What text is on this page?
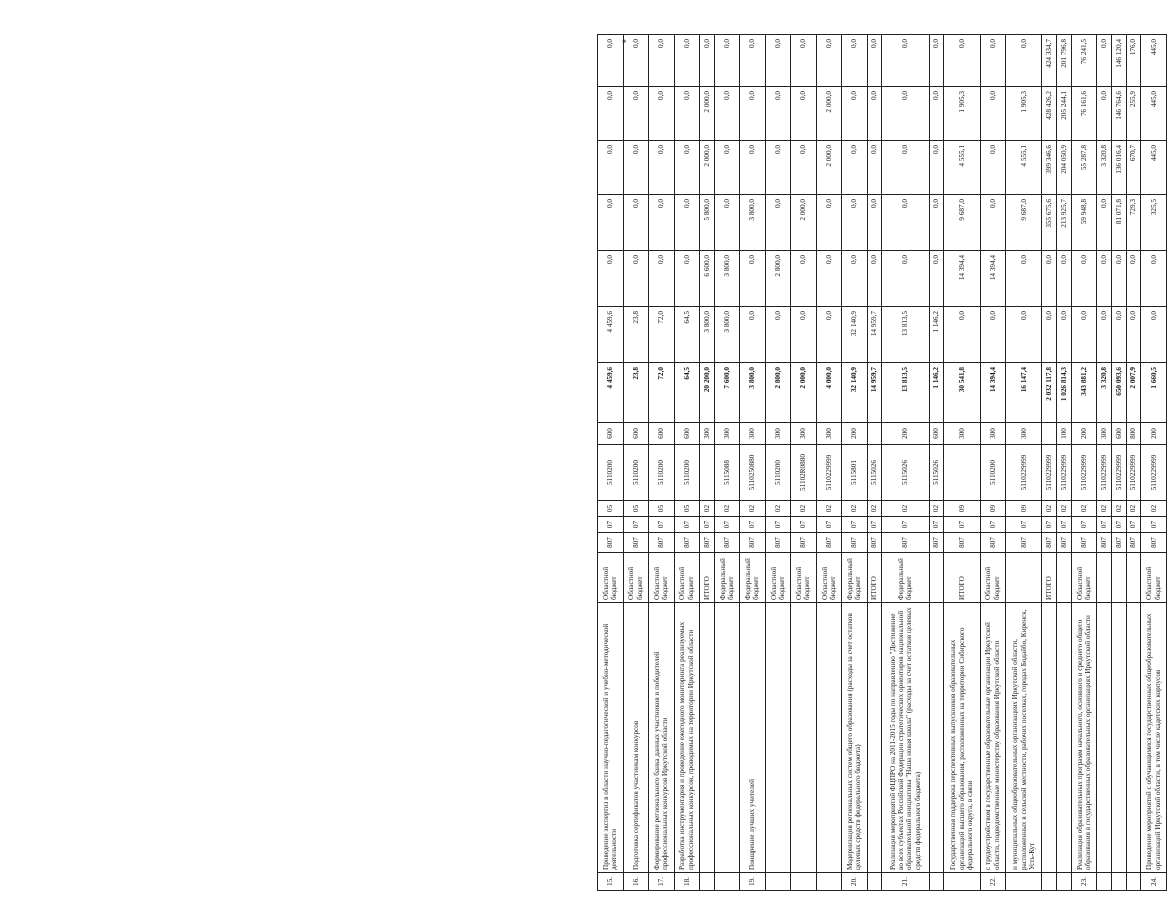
*
15.	Проведение экспертиз в области научно-педагогической и учебно-методической деятельности	Областной бюджет	807	07	05	5110200	600	4 459,6	4 459,6	0,0	0,0	0,0	0,0	0,0
16.	Подготовка сертификатов участникам конкурсов	Областной бюджет	807	07	05	5110200	600	23,8	23,8	0,0	0,0	0,0	0,0	0,0
17.	Формирование регионального банка данных участников и победителей профессиональных конкурсов Иркутской области	Областной бюджет	807	07	05	5110200	600	72,0	72,0	0,0	0,0	0,0	0,0	0,0
18.	Разработка инструментария и проведение ежегодного мониторинга реализуемых профессиональных конкурсов, проводимых на территории Иркутской области	Областной бюджет	807	07	05	5110200	600	64,5	64,5	0,0	0,0	0,0	0,0	0,0
		ИТОГО	807	07	02		300	20 200,0	3 800,0	6 600,0	5 800,0	2 000,0	2 000,0	0,0
		Федеральный бюджет	807	07	02	5115088	300	7 600,0	3 800,0	3 800,0	0,0	0,0	0,0	0,0
19.	Поощрение лучших учителей	Федеральный бюджет	807	07	02	5110250880	300	3 800,0	0,0	0,0	3 800,0	0,0	0,0	0,0
		Областной бюджет	807	07	02	5110200	300	2 800,0	0,0	2 800,0	0,0	0,0	0,0	0,0
		Областной бюджет	807	07	02	51102R0880	300	2 000,0	0,0	0,0	2 000,0	0,0	0,0	0,0
		Областной бюджет	807	07	02	5110229999	300	4 000,0	0,0	0,0	0,0	2 000,0	2 000,0	0,0
20.	Модернизация региональных систем общего образования (расходы за счет остатков целевых средств федерального бюджета)	Федеральный бюджет	807	07	02	5115801	200	32 140,9	32 140,9	0,0	0,0	0,0	0,0	0,0
		ИТОГО	807	07	02	5115026		14 959,7	14 959,7	0,0	0,0	0,0	0,0	0,0
21.	Реализация мероприятий ФЦПРО на 2011-2015 годы по направлению "Достижение во всех субъектах Российской Федерации стратегических ориентиров национальной образовательной инициативы "Наша новая школа" (расходы за счет остатков целевых средств федерального бюджета)	Федеральный бюджет	807	07	02	5115026	200	13 813,5	13 813,5	0,0	0,0	0,0	0,0	0,0
			807	07	02	5115026	600	1 146,2	1 146,2	0,0	0,0	0,0	0,0	0,0
	Государственная поддержка перспективных выпускников образовательных организаций высшего образования, расположенных на территории Сибирского федерального округа, в связи	ИТОГО	807	07	09		300	30 541,8	0,0	14 394,4	9 687,0	4 555,1	1 905,3	0,0
22.	с трудоустройством в государственные образовательные организации Иркутской области, подведомственные министерству образования Иркутской области	Областной бюджет	807	07	09	5110200	300	14 394,4	0,0	14 394,4	0,0	0,0	0,0	0,0
	и муниципальных общеобразовательных организациях Иркутской области, расположенных в сельской местности, рабочих поселках, городах Бодайбо, Киренск, Усть-Кут		807	07	09	5110229999	300	16 147,4	0,0	0,0	9 687,0	4 555,1	1 905,3	0,0
		ИТОГО	807	07	02	5110229999		2 032 117,8	0,0	0,0	355 675,6	399 346,6	428 426,2	424 334,7
			807	07	02	5110229999	100	1 026 814,3	0,0	0,0	213 925,7	204 050,9	205 244,1	201 796,8
23.	Реализация образовательных программ начального, основного и среднего общего образования в государственных образовательных организациях Иркутской области	Областной бюджет	807	07	02	5110229999	200	343 881,2	0,0	0,0	59 948,8	55 287,8	76 161,6	76 241,5
			807	07	02	5110229999	300	3 320,8	0,0	0,0	0,0	3 320,8	0,0	0,0
			807	07	02	5110229999	600	650 093,6	0,0	0,0	81 071,8	136 016,4	146 764,6	146 120,4
			807	07	02	5110229999	800	2 007,9	0,0	0,0	729,3	670,7	255,9	176,0
24.	Проведение мероприятий с обучающимися государственных общеобразовательных организаций Иркутской области, в том числе кадетских корпусов	Областной бюджет	807	07	02	5110229999	200	1 660,5	0,0	0,0	325,5	445,0	445,0	445,0
